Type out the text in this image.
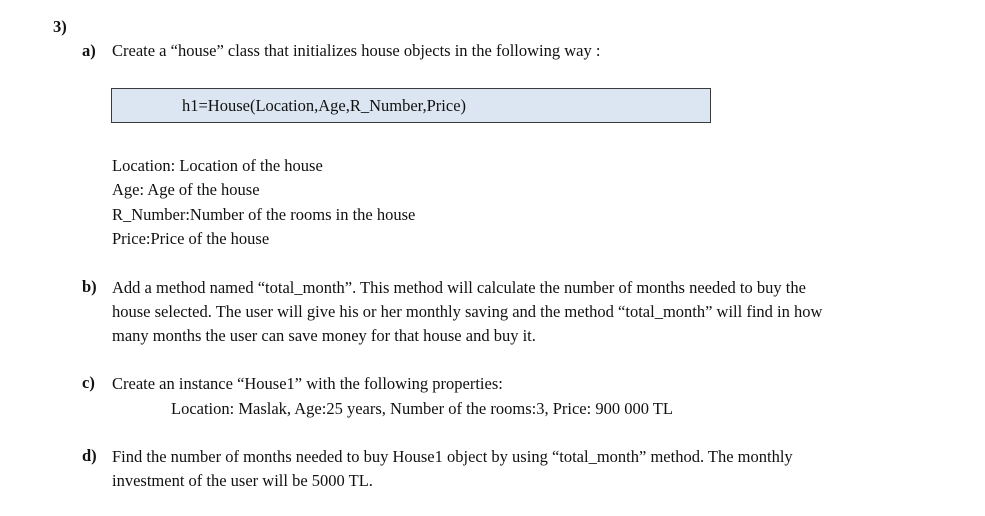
3)
a) Create a “house” class that initializes house objects in the following way :
h1=House(Location,Age,R_Number,Price)
Location: Location of the house
Age: Age of the house
R_Number:Number of the rooms in the house
Price:Price of the house
b) Add a method named “total_month”. This method will calculate the number of months needed to buy the
house selected. The user will give his or her monthly saving and the method “total_month” will find in how
many months the user can save money for that house and buy it.
c) Create an instance “House1” with the following properties:
Location: Maslak, Age:25 years, Number of the rooms:3, Price: 900 000 TL
d) Find the number of months needed to buy House1 object by using “total_month” method. The monthly
investment of the user will be 5000 TL.
